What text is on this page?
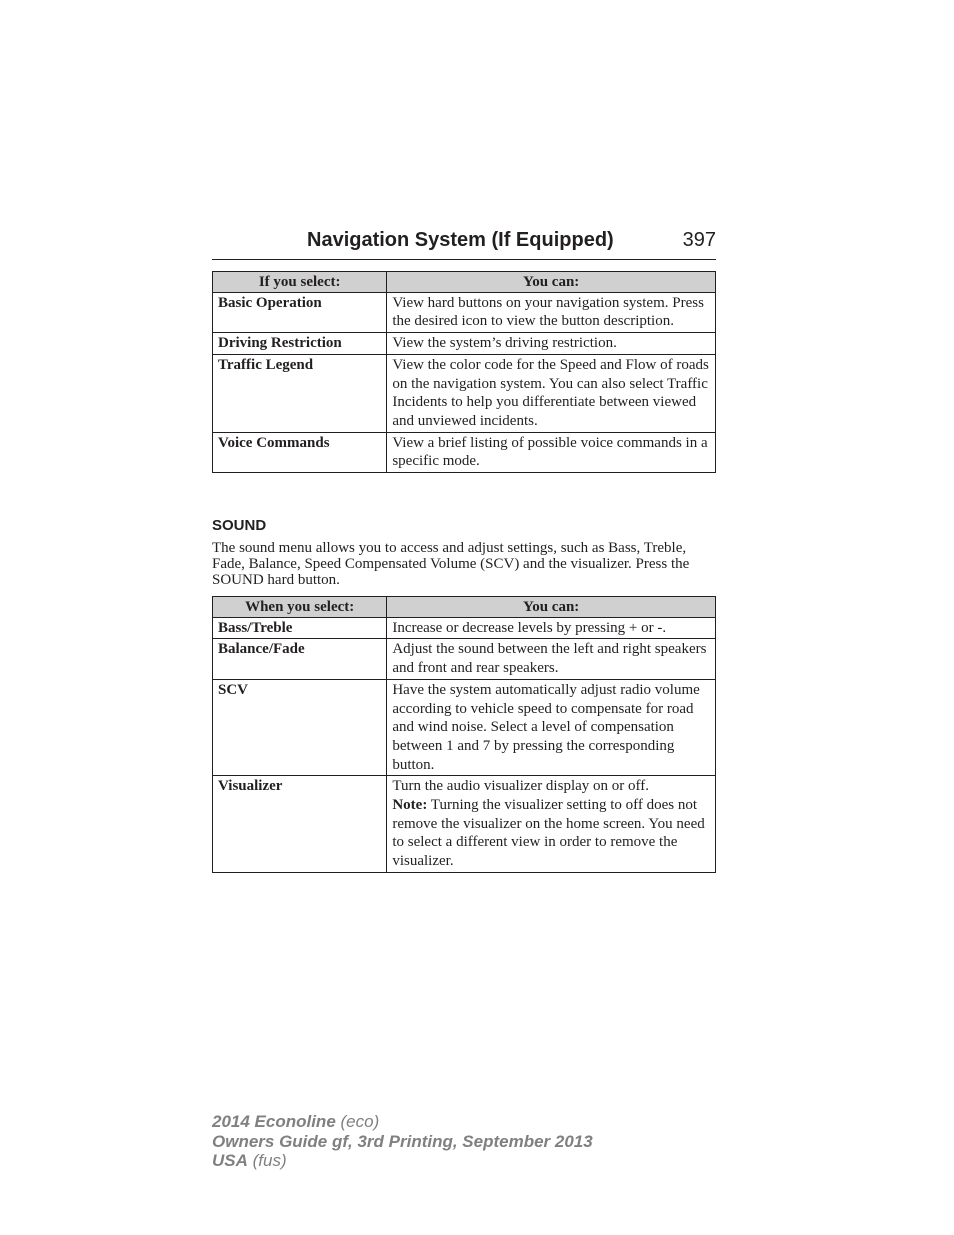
Navigation System (If Equipped)	397
If you select:	You can:
Basic Operation	View hard buttons on your navigation system. Press the desired icon to view the button description.
Driving Restriction	View the system’s driving restriction.
Traffic Legend	View the color code for the Speed and Flow of roads on the navigation system. You can also select Traffic Incidents to help you differentiate between viewed and unviewed incidents.
Voice Commands	View a brief listing of possible voice commands in a specific mode.
SOUND
The sound menu allows you to access and adjust settings, such as Bass, Treble, Fade, Balance, Speed Compensated Volume (SCV) and the visualizer. Press the SOUND hard button.
When you select:	You can:
Bass/Treble	Increase or decrease levels by pressing + or -.
Balance/Fade	Adjust the sound between the left and right speakers and front and rear speakers.
SCV	Have the system automatically adjust radio volume according to vehicle speed to compensate for road and wind noise. Select a level of compensation between 1 and 7 by pressing the corresponding button.
Visualizer	Turn the audio visualizer display on or off.
Note: Turning the visualizer setting to off does not remove the visualizer on the home screen. You need to select a different view in order to remove the visualizer.
2014 Econoline (eco)
Owners Guide gf, 3rd Printing, September 2013
USA (fus)
